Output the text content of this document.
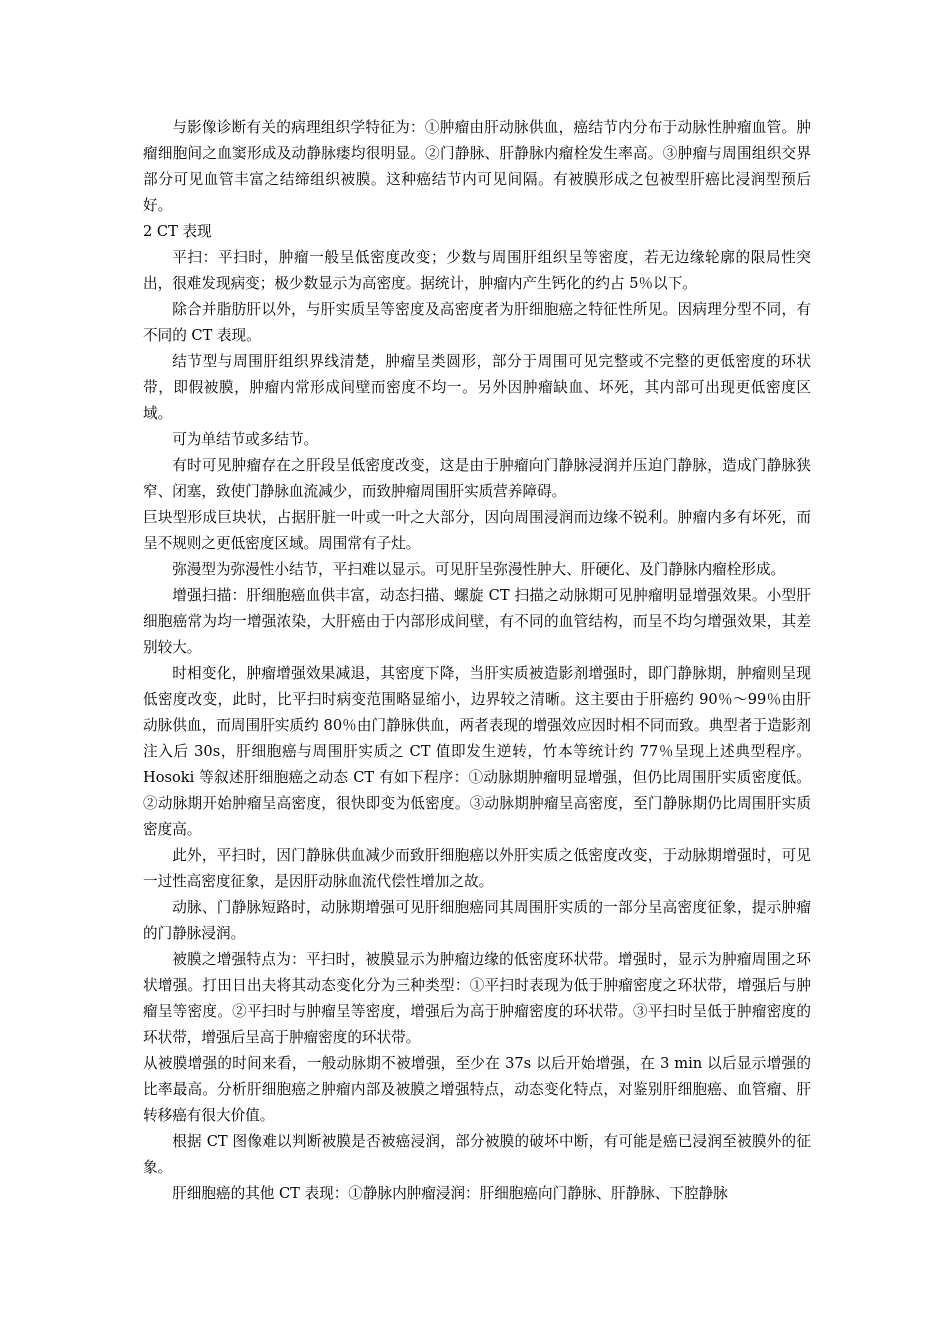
与影像诊断有关的病理组织学特征为：①肿瘤由肝动脉供血，癌结节内分布于动脉性肿瘤血管。肿瘤细胞间之血窦形成及动静脉瘘均很明显。②门静脉、肝静脉内瘤栓发生率高。③肿瘤与周围组织交界部分可见血管丰富之结缔组织被膜。这种癌结节内可见间隔。有被膜形成之包被型肝癌比浸润型预后好。

2 CT 表现

平扫：平扫时，肿瘤一般呈低密度改变；少数与周围肝组织呈等密度，若无边缘轮廓的限局性突出，很难发现病变；极少数显示为高密度。据统计，肿瘤内产生钙化的约占 5％以下。

除合并脂肪肝以外，与肝实质呈等密度及高密度者为肝细胞癌之特征性所见。因病理分型不同，有不同的 CT 表现。

结节型与周围肝组织界线清楚，肿瘤呈类圆形，部分于周围可见完整或不完整的更低密度的环状带，即假被膜，肿瘤内常形成间壁而密度不均一。另外因肿瘤缺血、坏死，其内部可出现更低密度区域。

可为单结节或多结节。

有时可见肿瘤存在之肝段呈低密度改变，这是由于肿瘤向门静脉浸润并压迫门静脉，造成门静脉狭窄、闭塞，致使门静脉血流减少，而致肿瘤周围肝实质营养障碍。

巨块型形成巨块状，占据肝脏一叶或一叶之大部分，因向周围浸润而边缘不锐利。肿瘤内多有坏死，而呈不规则之更低密度区域。周围常有子灶。

弥漫型为弥漫性小结节，平扫难以显示。可见肝呈弥漫性肿大、肝硬化、及门静脉内瘤栓形成。

增强扫描：肝细胞癌血供丰富，动态扫描、螺旋 CT 扫描之动脉期可见肿瘤明显增强效果。小型肝细胞癌常为均一增强浓染，大肝癌由于内部形成间壁，有不同的血管结构，而呈不均匀增强效果，其差别较大。

时相变化，肿瘤增强效果减退，其密度下降，当肝实质被造影剂增强时，即门静脉期，肿瘤则呈现低密度改变，此时，比平扫时病变范围略显缩小，边界较之清晰。这主要由于肝癌约 90％～99％由肝动脉供血，而周围肝实质约 80％由门静脉供血，两者表现的增强效应因时相不同而致。典型者于造影剂注入后 30s，肝细胞癌与周围肝实质之 CT 值即发生逆转，竹本等统计约 77％呈现上述典型程序。Hosoki 等叙述肝细胞癌之动态 CT 有如下程序：①动脉期肿瘤明显增强，但仍比周围肝实质密度低。②动脉期开始肿瘤呈高密度，很快即变为低密度。③动脉期肿瘤呈高密度，至门静脉期仍比周围肝实质密度高。

此外，平扫时，因门静脉供血减少而致肝细胞癌以外肝实质之低密度改变，于动脉期增强时，可见一过性高密度征象，是因肝动脉血流代偿性增加之故。

动脉、门静脉短路时，动脉期增强可见肝细胞癌同其周围肝实质的一部分呈高密度征象，提示肿瘤的门静脉浸润。

被膜之增强特点为：平扫时，被膜显示为肿瘤边缘的低密度环状带。增强时，显示为肿瘤周围之环状增强。打田日出夫将其动态变化分为三种类型：①平扫时表现为低于肿瘤密度之环状带，增强后与肿瘤呈等密度。②平扫时与肿瘤呈等密度，增强后为高于肿瘤密度的环状带。③平扫时呈低于肿瘤密度的环状带，增强后呈高于肿瘤密度的环状带。

从被膜增强的时间来看，一般动脉期不被增强，至少在 37s 以后开始增强，在 3 min 以后显示增强的比率最高。分析肝细胞癌之肿瘤内部及被膜之增强特点，动态变化特点，对鉴别肝细胞癌、血管瘤、肝转移癌有很大价值。

根据 CT 图像难以判断被膜是否被癌浸润，部分被膜的破坏中断，有可能是癌已浸润至被膜外的征象。

肝细胞癌的其他 CT 表现：①静脉内肿瘤浸润：肝细胞癌向门静脉、肝静脉、下腔静脉
